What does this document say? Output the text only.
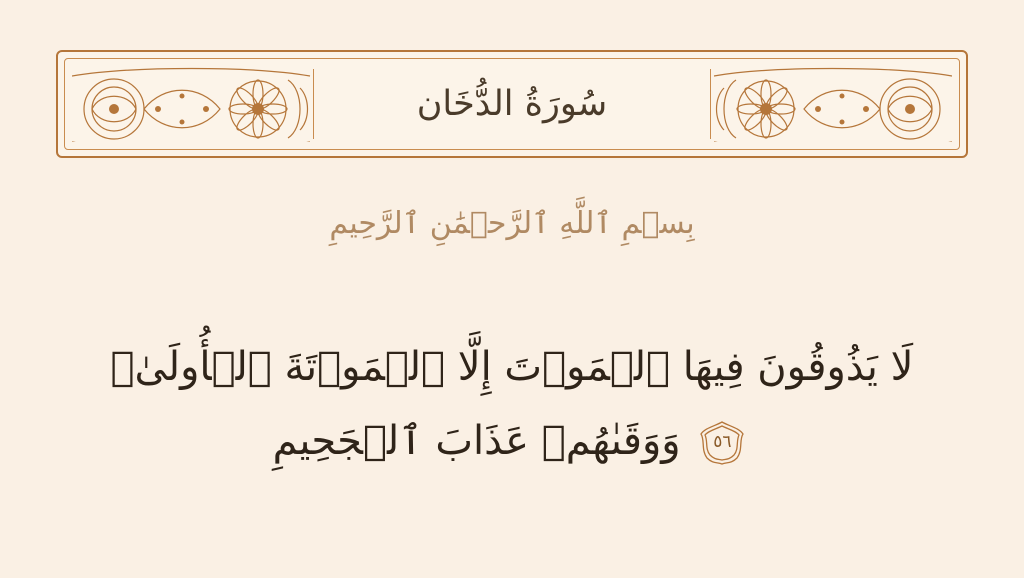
سُورَةُ الدُّخَان
بِسۡمِ ٱللَّهِ ٱلرَّحۡمَٰنِ ٱلرَّحِيمِ
لَا يَذُوقُونَ فِيهَا ٱلۡمَوۡتَ إِلَّا ٱلۡمَوۡتَةَ ٱلۡأُولَىٰۖ
٥٦
وَوَقَىٰهُمۡ عَذَابَ ٱلۡجَحِيمِ
